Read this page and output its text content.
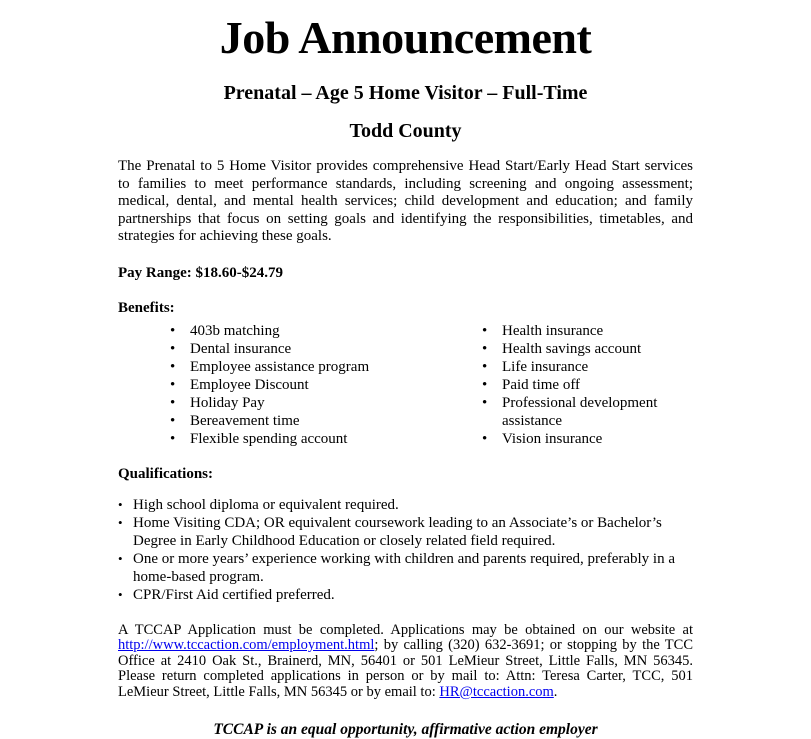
Job Announcement
Prenatal – Age 5 Home Visitor – Full-Time
Todd County

The Prenatal to 5 Home Visitor provides comprehensive Head Start/Early Head Start services to families to meet performance standards, including screening and ongoing assessment; medical, dental, and mental health services; child development and education; and family partnerships that focus on setting goals and identifying the responsibilities, timetables, and strategies for achieving these goals.

Pay Range: $18.60-$24.79

Benefits:

• 403b matching
• Dental insurance
• Employee assistance program
• Employee Discount
• Holiday Pay
• Bereavement time
• Flexible spending account
• Health insurance
• Health savings account
• Life insurance
• Paid time off
• Professional development assistance
• Vision insurance

Qualifications:

• High school diploma or equivalent required.
• Home Visiting CDA; OR equivalent coursework leading to an Associate’s or Bachelor’s Degree in Early Childhood Education or closely related field required.
• One or more years’ experience working with children and parents required, preferably in a home-based program.
• CPR/First Aid certified preferred.

A TCCAP Application must be completed. Applications may be obtained on our website at http://www.tccaction.com/employment.html; by calling (320) 632-3691; or stopping by the TCC Office at 2410 Oak St., Brainerd, MN, 56401 or 501 LeMieur Street, Little Falls, MN 56345. Please return completed applications in person or by mail to: Attn: Teresa Carter, TCC, 501 LeMieur Street, Little Falls, MN 56345 or by email to: HR@tccaction.com.

TCCAP is an equal opportunity, affirmative action employer
